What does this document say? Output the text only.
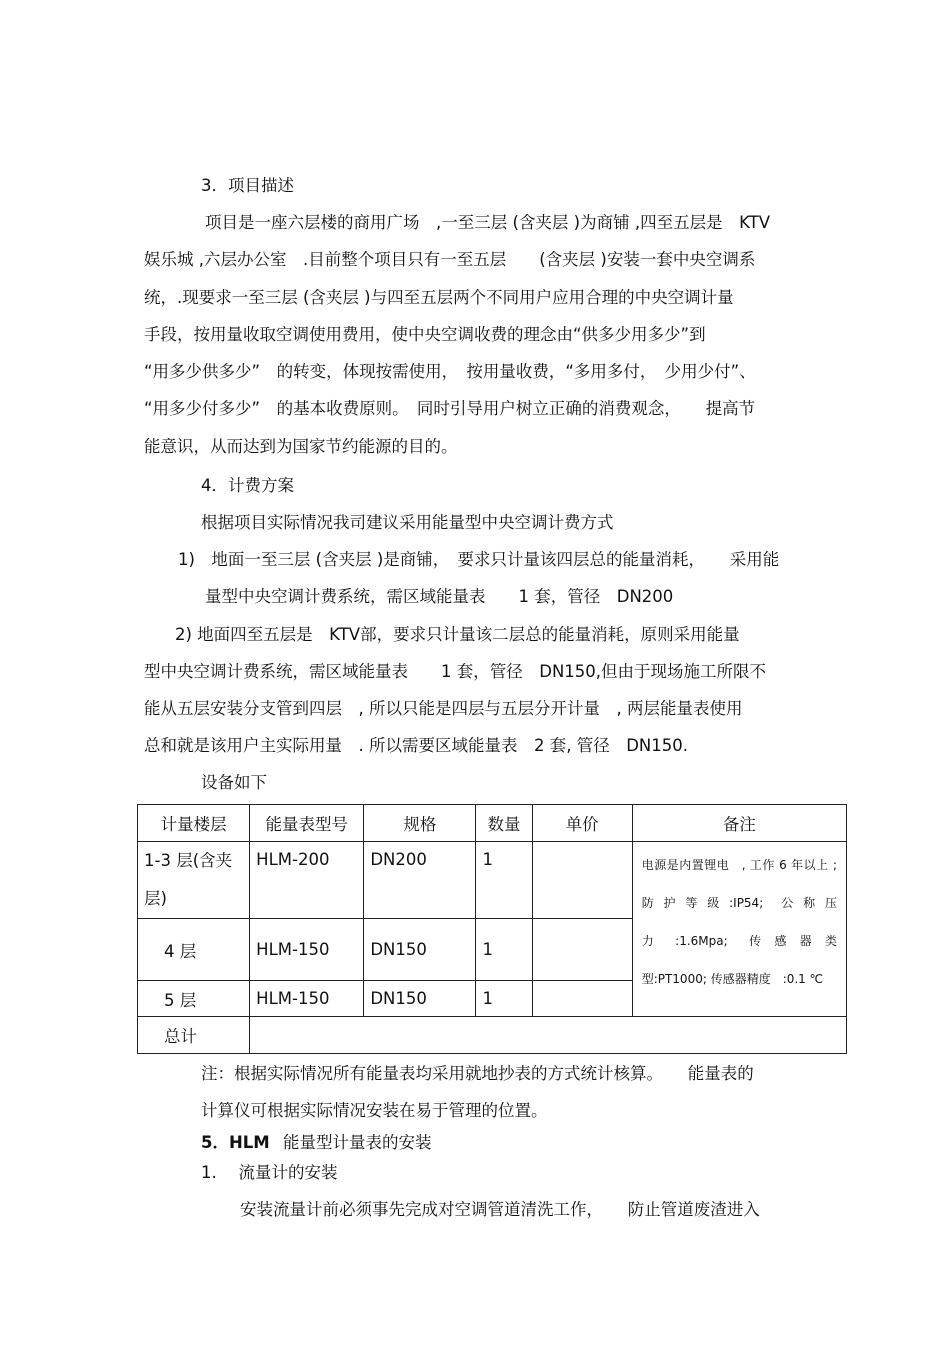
3．项目描述
项目是一座六层楼的商用广场　,一至三层 (含夹层 )为商铺 ,四至五层是　KTV
娱乐城 ,六层办公室　.目前整个项目只有一至五层　　(含夹层 )安装一套中央空调系
统，.现要求一至三层 (含夹层 )与四至五层两个不同用户应用合理的中央空调计量
手段，按用量收取空调使用费用，使中央空调收费的理念由“供多少用多少”到
“用多少供多少”　的转变，体现按需使用，　按用量收费，“多用多付，　少用少付”、
“用多少付多少”　的基本收费原则。　同时引导用户树立正确的消费观念，　　提高节
能意识，从而达到为国家节约能源的目的。
4．计费方案
根据项目实际情况我司建议采用能量型中央空调计费方式
1)　地面一至三层 (含夹层 )是商铺，　要求只计量该四层总的能量消耗，　　采用能
量型中央空调计费系统，需区域能量表　　1 套，管径　DN200
2) 地面四至五层是　KTV部，要求只计量该二层总的能量消耗，原则采用能量
型中央空调计费系统，需区域能量表　　1 套，管径　DN150,但由于现场施工所限不
能从五层安装分支管到四层　, 所以只能是四层与五层分开计量　, 两层能量表使用
总和就是该用户主实际用量　. 所以需要区域能量表　2 套, 管径　DN150.
设备如下
计量楼层	能量表型号	规格	数量	单价	备注
1-3 层(含夹层)	HLM-200	DN200	1		电源是内置锂电　, 工作 6 年以上 ; 防 护 等 级 :IP54;　公 称 压 力　:1.6Mpa;　传 感 器 类 型:PT1000; 传感器精度　:0.1 ℃
4 层	HLM-150	DN150	1		
5 层	HLM-150	DN150	1		
总计					
注：根据实际情况所有能量表均采用就地抄表的方式统计核算。　　能量表的
计算仪可根据实际情况安装在易于管理的位置。
5．HLM 能量型计量表的安装
1.　 流量计的安装
安装流量计前必须事先完成对空调管道清洗工作，　　防止管道废渣进入
